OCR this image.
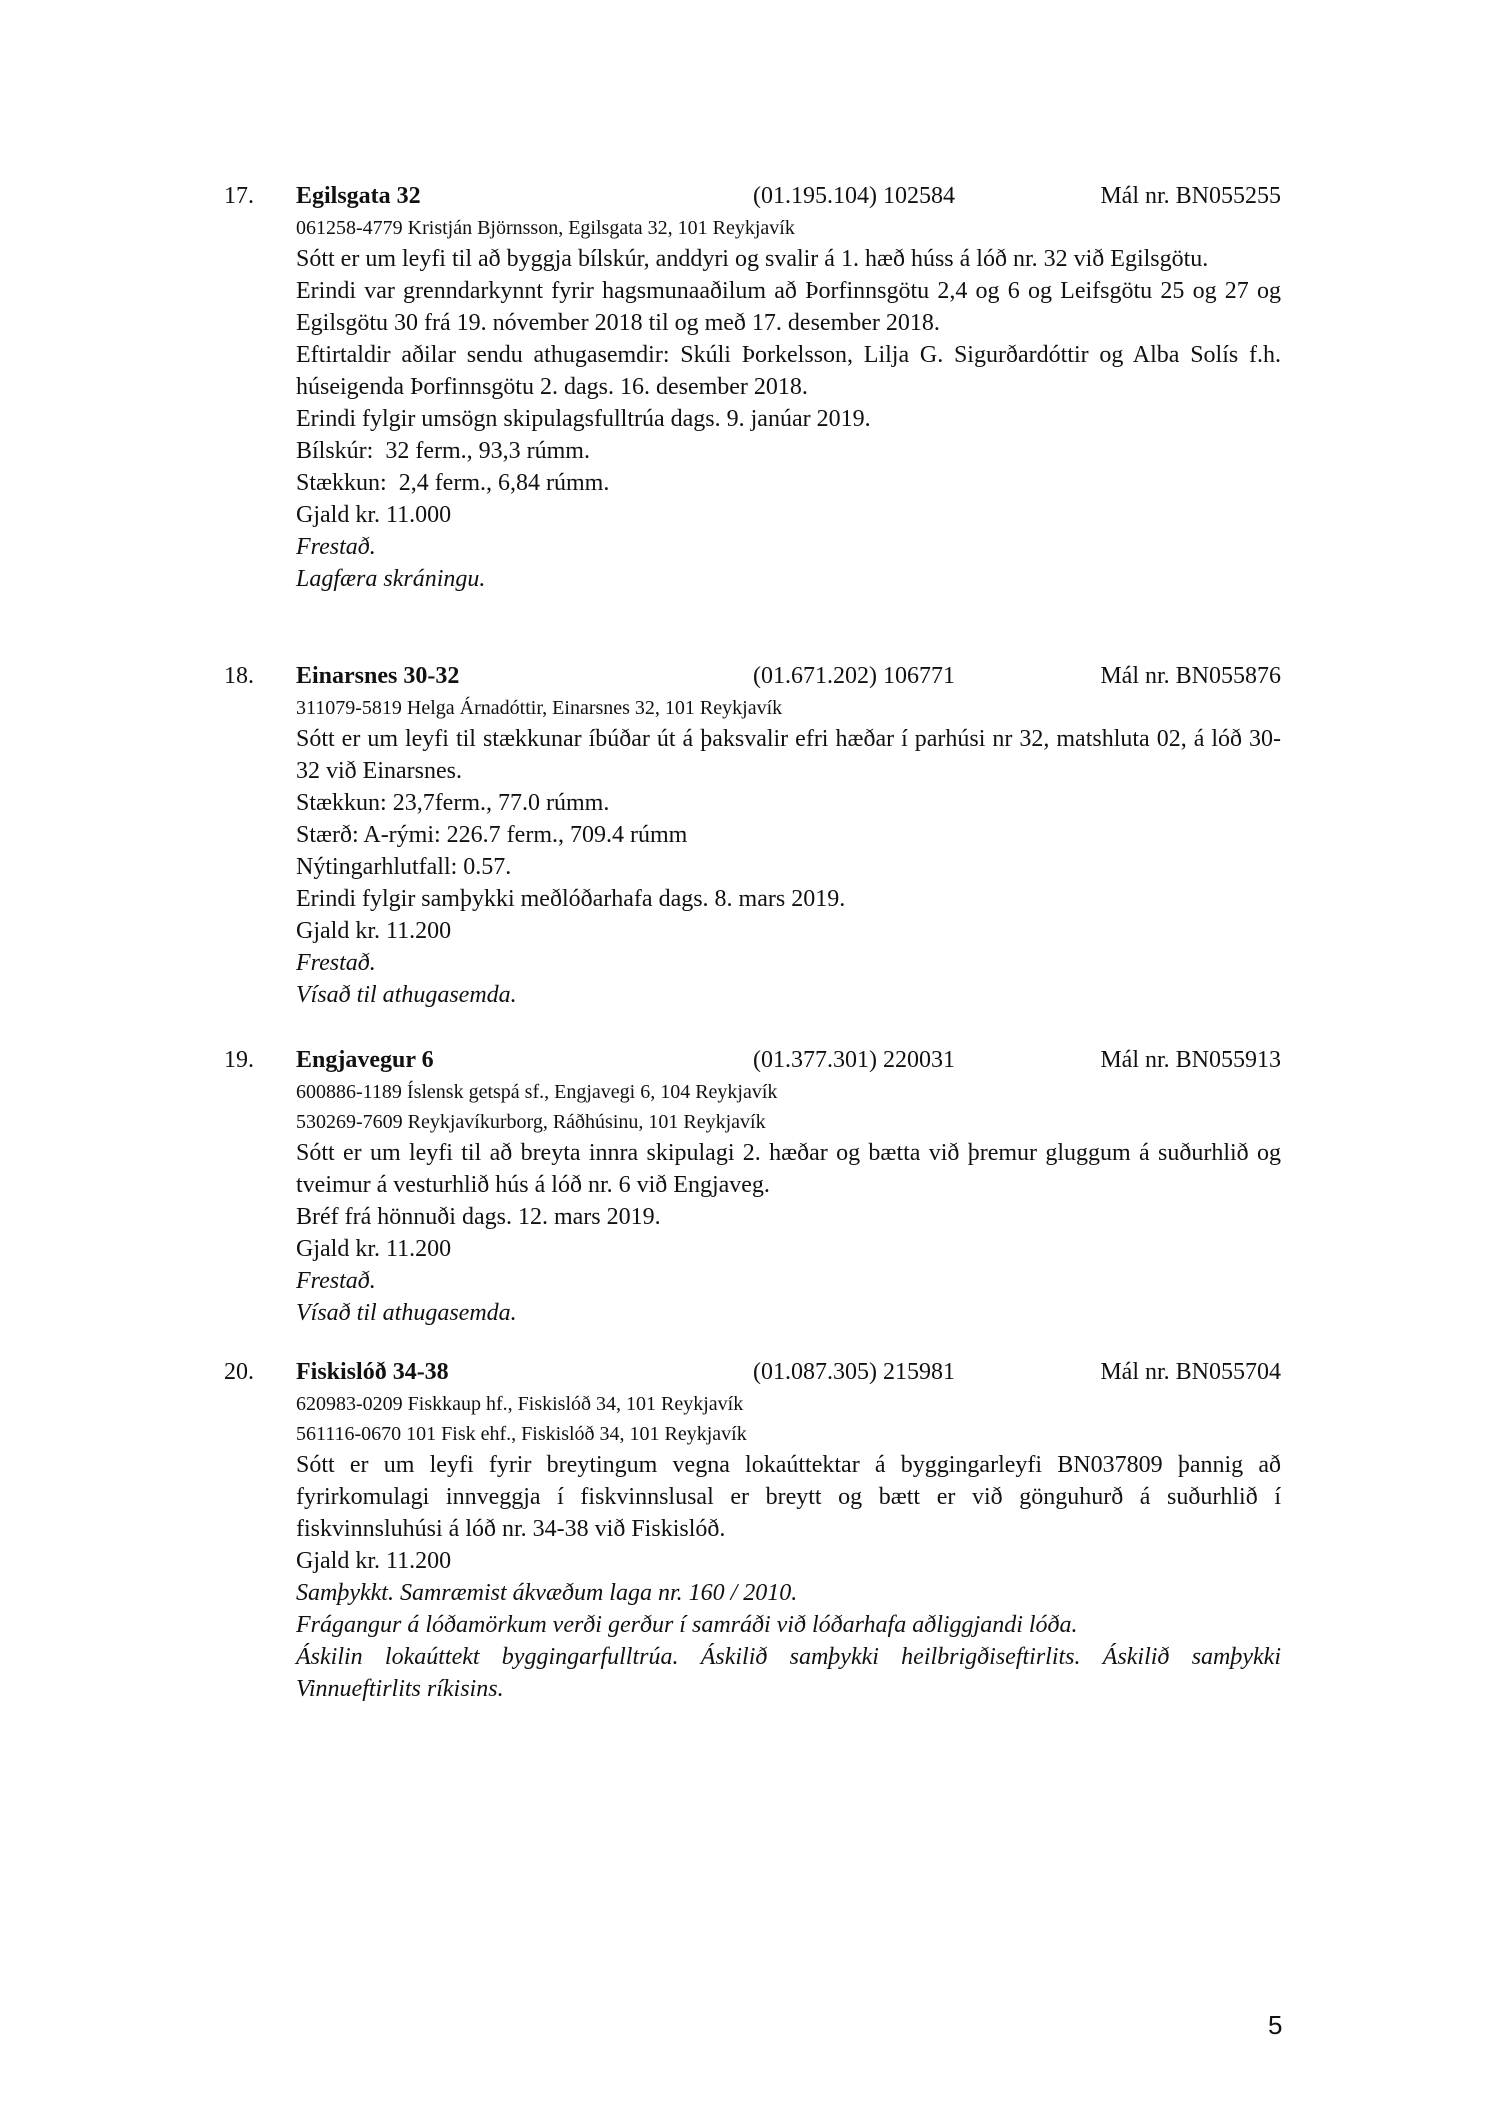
17. Egilsgata 32	(01.195.104) 102584	Mál nr. BN055255
061258-4779 Kristján Björnsson, Egilsgata 32, 101 Reykjavík
Sótt er um leyfi til að byggja bílskúr, anddyri og svalir á 1. hæð húss á lóð nr. 32 við Egilsgötu.
Erindi var grenndarkynnt fyrir hagsmunaaðilum að Þorfinnsgötu 2,4 og 6 og Leifsgötu 25 og 27 og Egilsgötu 30 frá 19. nóvember 2018 til og með 17. desember 2018.
Eftirtaldir aðilar sendu athugasemdir: Skúli Þorkelsson, Lilja G. Sigurðardóttir og Alba Solís f.h. húseigenda Þorfinnsgötu 2. dags. 16. desember 2018.
Erindi fylgir umsögn skipulagsfulltrúa dags. 9. janúar 2019.
Bílskúr:  32 ferm., 93,3 rúmm.
Stækkun:  2,4 ferm., 6,84 rúmm.
Gjald kr. 11.000
Frestað.
Lagfæra skráningu.
18. Einarsnes 30-32	(01.671.202) 106771	Mál nr. BN055876
311079-5819 Helga Árnadóttir, Einarsnes 32, 101 Reykjavík
Sótt er um leyfi til stækkunar íbúðar út á þaksvalir efri hæðar í parhúsi nr 32, matshluta 02, á lóð 30-32 við Einarsnes.
Stækkun: 23,7ferm., 77.0 rúmm.
Stærð: A-rými: 226.7 ferm., 709.4 rúmm
Nýtingarhlutfall: 0.57.
Erindi fylgir samþykki meðlóðarhafa dags. 8. mars 2019.
Gjald kr. 11.200
Frestað.
Vísað til athugasemda.
19. Engjavegur 6	(01.377.301) 220031	Mál nr. BN055913
600886-1189 Íslensk getspá sf., Engjavegi 6, 104 Reykjavík
530269-7609 Reykjavíkurborg, Ráðhúsinu, 101 Reykjavík
Sótt er um leyfi til að breyta innra skipulagi 2. hæðar og bætta við þremur gluggum á suðurhlið og tveimur á vesturhlið hús á lóð nr. 6 við Engjaveg.
Bréf frá hönnuði dags. 12. mars 2019.
Gjald kr. 11.200
Frestað.
Vísað til athugasemda.
20. Fiskislóð 34-38	(01.087.305) 215981	Mál nr. BN055704
620983-0209 Fiskkaup hf., Fiskislóð 34, 101 Reykjavík
561116-0670 101 Fisk ehf., Fiskislóð 34, 101 Reykjavík
Sótt er um leyfi fyrir breytingum vegna lokaúttektar á byggingarleyfi BN037809 þannig að fyrirkomulagi innveggja í fiskvinnslusal er breytt og bætt er við gönguhurð á suðurhlið í fiskvinnsluhúsi á lóð nr. 34-38 við Fiskislóð.
Gjald kr. 11.200
Samþykkt. Samræmist ákvæðum laga nr. 160 / 2010.
Frágangur á lóðamörkum verði gerður í samráði við lóðarhafa aðliggjandi lóða.
Áskilin lokaúttekt byggingarfulltrúa. Áskilið samþykki heilbrigðiseftirlits. Áskilið samþykki Vinnueftirlits ríkisins.
5
